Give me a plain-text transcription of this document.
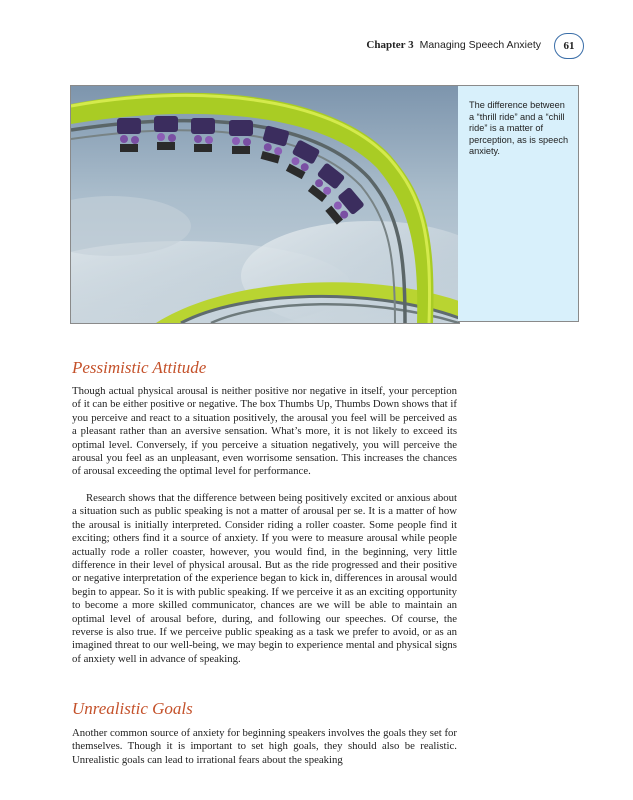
Chapter 3 Managing Speech Anxiety	61
The difference between a “thrill ride” and a “chill ride” is a matter of perception, as is speech anxiety.
Pessimistic Attitude

Though actual physical arousal is neither positive nor negative in itself, your perception of it can be either positive or negative. The box Thumbs Up, Thumbs Down shows that if you perceive and react to a situation positively, the arousal you feel will be perceived as a pleasant rather than an aversive sensation. What’s more, it is not likely to exceed its optimal level. Conversely, if you perceive a situation negatively, you will perceive the arousal you feel as an unpleasant, even worrisome sensation. This increases the chances of arousal exceeding the optimal level for performance.

Research shows that the difference between being positively excited or anxious about a situation such as public speaking is not a matter of arousal per se. It is a matter of how the arousal is initially interpreted. Consider riding a roller coaster. Some people find it exciting; others find it a source of anxiety. If you were to measure arousal while people actually rode a roller coaster, however, you would find, in the beginning, very little difference in their level of physical arousal. But as the ride progressed and their positive or negative interpretation of the experience began to kick in, differences in arousal would begin to appear. So it is with public speaking. If we perceive it as an exciting opportunity to become a more skilled communicator, chances are we will be able to maintain an optimal level of arousal before, during, and following our speeches. Of course, the reverse is also true. If we perceive public speaking as a task we prefer to avoid, or as an imagined threat to our well-being, we may begin to experience mental and physical signs of anxiety well in advance of speaking.

Unrealistic Goals

Another common source of anxiety for beginning speakers involves the goals they set for themselves. Though it is important to set high goals, they should also be realistic. Unrealistic goals can lead to irrational fears about the speaking
